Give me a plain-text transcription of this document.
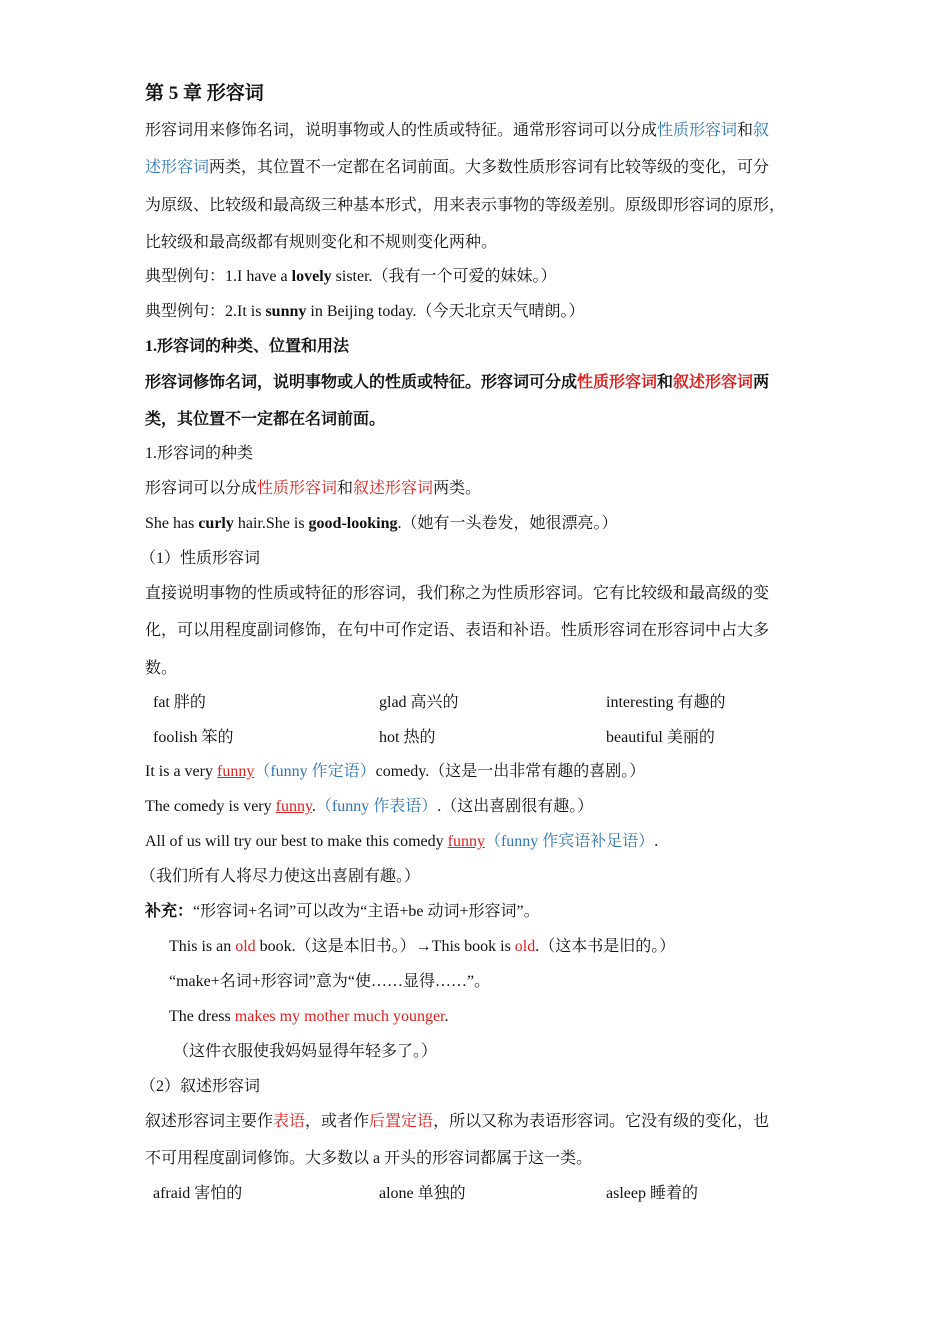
第 5 章 形容词
形容词用来修饰名词，说明事物或人的性质或特征。通常形容词可以分成性质形容词和叙
述形容词两类，其位置不一定都在名词前面。大多数性质形容词有比较等级的变化，可分
为原级、比较级和最高级三种基本形式，用来表示事物的等级差别。原级即形容词的原形，
比较级和最高级都有规则变化和不规则变化两种。
典型例句：1.I have a lovely sister.（我有一个可爱的妹妹。）
典型例句：2.It is sunny in Beijing today.（今天北京天气晴朗。）
1.形容词的种类、位置和用法
形容词修饰名词，说明事物或人的性质或特征。形容词可分成性质形容词和叙述形容词两
类，其位置不一定都在名词前面。
1.形容词的种类
形容词可以分成性质形容词和叙述形容词两类。
She has curly hair.She is good-looking.（她有一头卷发，她很漂亮。）
（1）性质形容词
直接说明事物的性质或特征的形容词，我们称之为性质形容词。它有比较级和最高级的变
化，可以用程度副词修饰，在句中可作定语、表语和补语。性质形容词在形容词中占大多
数。
fat 胖的	glad 高兴的	interesting 有趣的
foolish 笨的	hot 热的	beautiful 美丽的
It is a very funny（funny 作定语）comedy.（这是一出非常有趣的喜剧。）
The comedy is very funny.（funny 作表语）.（这出喜剧很有趣。）
All of us will try our best to make this comedy funny（funny 作宾语补足语）.
（我们所有人将尽力使这出喜剧有趣。）
补充：“形容词+名词”可以改为“主语+be 动词+形容词”。
This is an old book.（这是本旧书。）→This book is old.（这本书是旧的。）
“make+名词+形容词”意为“使……显得……”。
The dress makes my mother much younger.
（这件衣服使我妈妈显得年轻多了。）
（2）叙述形容词
叙述形容词主要作表语，或者作后置定语，所以又称为表语形容词。它没有级的变化，也
不可用程度副词修饰。大多数以 a 开头的形容词都属于这一类。
afraid 害怕的	alone 单独的	asleep 睡着的
